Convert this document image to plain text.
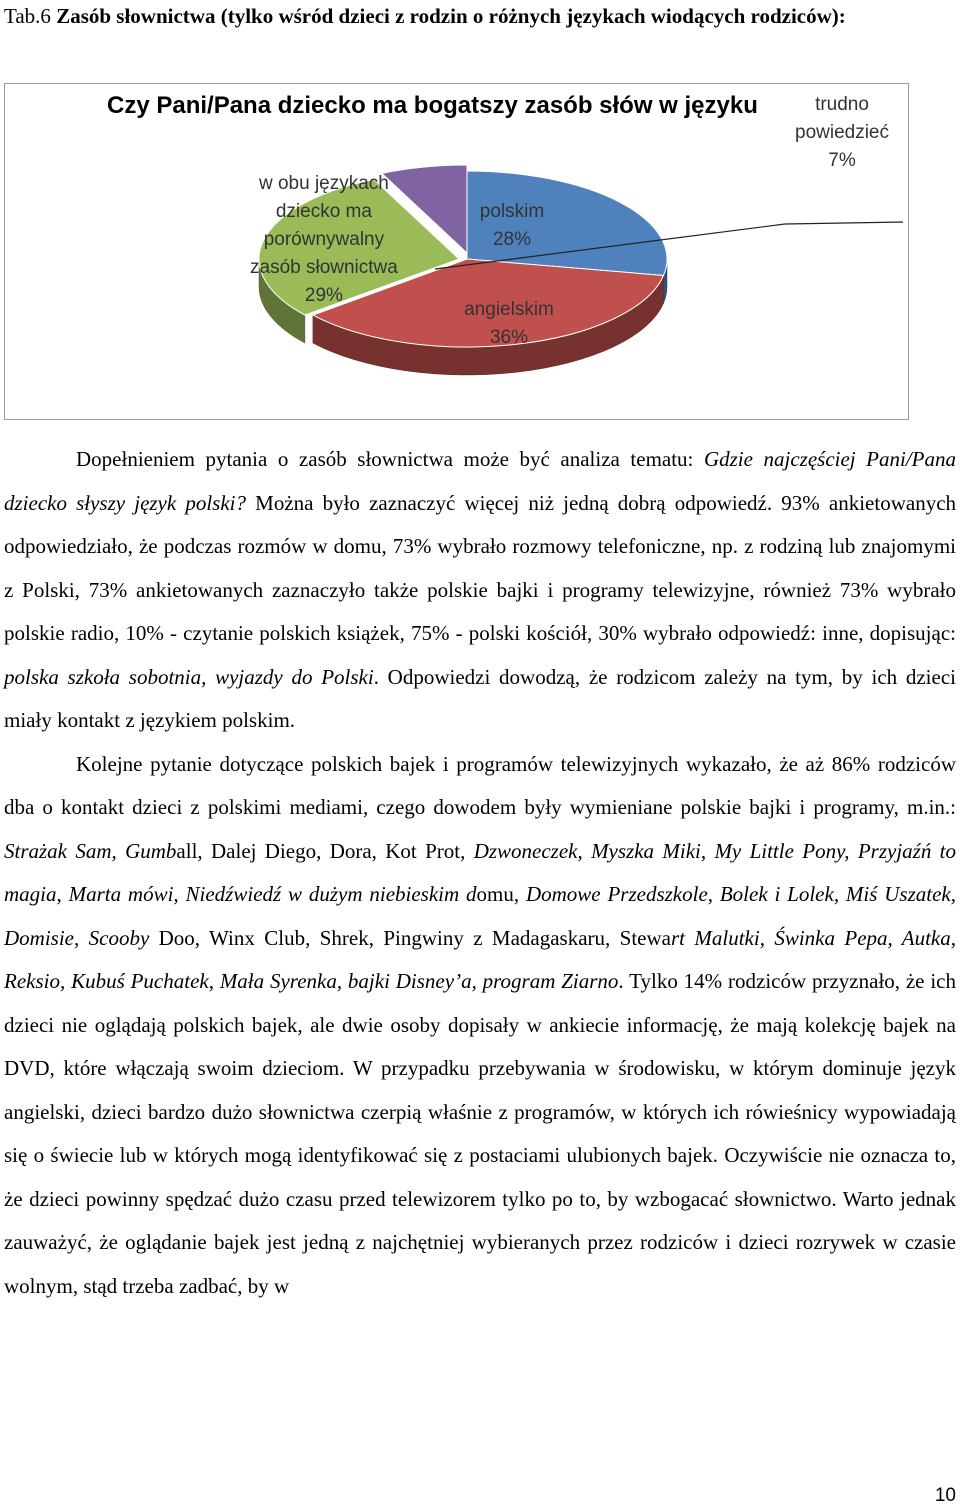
Tab.6 Zasób słownictwa (tylko wśród dzieci z rodzin o różnych językach wiodących rodziców):
Czy Pani/Pana dziecko ma bogatszy zasób słów w języku
polskim
28%
angielskim
36%
w obu językach
dziecko ma
porównywalny
zasób słownictwa
29%
trudno
powiedzieć
7%

Dopełnieniem pytania o zasób słownictwa może być analiza tematu: Gdzie najczęściej Pani/Pana dziecko słyszy język polski? Można było zaznaczyć więcej niż jedną dobrą odpowiedź. 93% ankietowanych odpowiedziało, że podczas rozmów w domu, 73% wybrało rozmowy telefoniczne, np. z rodziną lub znajomymi z Polski, 73% ankietowanych zaznaczyło także polskie bajki i programy telewizyjne, również 73% wybrało polskie radio, 10% - czytanie polskich książek, 75% - polski kościół, 30% wybrało odpowiedź: inne, dopisując: polska szkoła sobotnia, wyjazdy do Polski. Odpowiedzi dowodzą, że rodzicom zależy na tym, by ich dzieci miały kontakt z językiem polskim.

Kolejne pytanie dotyczące polskich bajek i programów telewizyjnych wykazało, że aż 86% rodziców dba o kontakt dzieci z polskimi mediami, czego dowodem były wymieniane polskie bajki i programy, m.in.: Strażak Sam, Gumball, Dalej Diego, Dora, Kot Prot, Dzwoneczek, Myszka Miki, My Little Pony, Przyjaźń to magia, Marta mówi, Niedźwiedź w dużym niebieskim domu, Domowe Przedszkole, Bolek i Lolek, Miś Uszatek, Domisie, Scooby Doo, Winx Club, Shrek, Pingwiny z Madagaskaru, Stewart Malutki, Świnka Pepa, Autka, Reksio, Kubuś Puchatek, Mała Syrenka, bajki Disney’a, program Ziarno. Tylko 14% rodziców przyznało, że ich dzieci nie oglądają polskich bajek, ale dwie osoby dopisały w ankiecie informację, że mają kolekcję bajek na DVD, które włączają swoim dzieciom. W przypadku przebywania w środowisku, w którym dominuje język angielski, dzieci bardzo dużo słownictwa czerpią właśnie z programów, w których ich rówieśnicy wypowiadają się o świecie lub w których mogą identyfikować się z postaciami ulubionych bajek. Oczywiście nie oznacza to, że dzieci powinny spędzać dużo czasu przed telewizorem tylko po to, by wzbogacać słownictwo. Warto jednak zauważyć, że oglądanie bajek jest jedną z najchętniej wybieranych przez rodziców i dzieci rozrywek w czasie wolnym, stąd trzeba zadbać, by w

10
